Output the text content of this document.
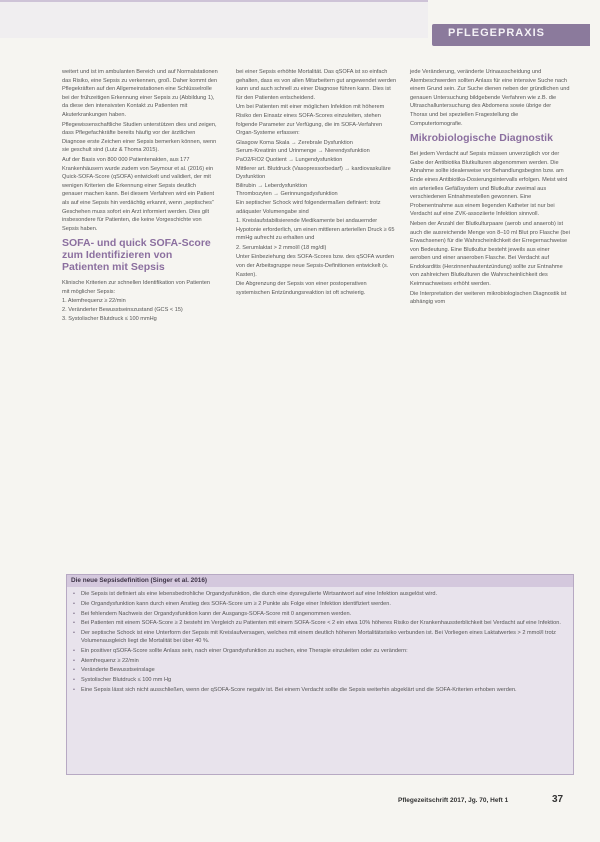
PFLEGEPRAXIS

weitert und ist im ambulanten Bereich und auf Normalstationen das Risiko, eine Sepsis zu verkennen, groß. Daher kommt den Pflegekräften auf den Allgemeinstationen eine Schlüsselrolle bei der frühzeitigen Erkennung einer Sepsis zu (Abbildung 1), da diese den intensivsten Kontakt zu Patienten mit Akuterkrankungen haben.

Pflegewissenschaftliche Studien unterstützen dies und zeigen, dass Pflegefachkräfte bereits häufig vor der ärztlichen Diagnose erste Zeichen einer Sepsis bemerken können, wenn sie geschult sind (Lutz & Thoma 2015).

Auf der Basis von 800 000 Patientenakten, aus 177 Krankenhäusern wurde zudem von Seymour et al. (2016) ein Quick-SOFA-Score (qSOFA) entwickelt und validiert, der mit wenigen Kriterien die Erkennung einer Sepsis deutlich genauer machen kann. Bei diesem Verfahren wird ein Patient als auf eine Sepsis hin verdächtig erkannt, wenn „septisches“ Geschehen muss sofort ein Arzt informiert werden. Dies gilt insbesondere für Patienten, die keine Vorgeschichte von Sepsis haben.

SOFA- und quick SOFA-Score zum Identifizieren von Patienten mit Sepsis

Klinische Kriterien zur schnellen Identifikation von Patienten mit möglicher Sepsis:

1. Atemfrequenz ≥ 22/min
2. Veränderter Bewusstseinszustand (GCS < 15)
3. Systolischer Blutdruck ≤ 100 mmHg

bei einer Sepsis erhöhte Mortalität. Das qSOFA ist so einfach gehalten, dass es von allen Mitarbeitern gut angewendet werden kann und auch schnell zu einer Diagnose führen kann. Dies ist für den Patienten entscheidend.

Um bei Patienten mit einer möglichen Infektion mit höherem Risiko den Einsatz eines SOFA-Scores einzuleiten, stehen folgende Parameter zur Verfügung, die im SOFA-Verfahren Organ-Systeme erfassen:

Glasgow Koma Skala → Zerebrale Dysfunktion
Serum-Kreatinin und Urinmenge → Nierendysfunktion
PaO2/FiO2 Quotient → Lungendysfunktion
Mittlerer art. Blutdruck (Vasopressorbedarf) → kardiovaskuläre Dysfunktion
Bilirubin → Leberdysfunktion
Thrombozyten → Gerinnungsdysfunktion

Ein septischer Schock wird folgendermaßen definiert: trotz adäquater Volumengabe sind

1. Kreislaufstabilisierende Medikamente bei andauernder Hypotonie erforderlich, um einen mittleren arteriellen Druck ≥ 65 mmHg aufrecht zu erhalten und

2. Serumlaktat > 2 mmol/l (18 mg/dl)

Unter Einbeziehung des SOFA-Scores bzw. des qSOFA wurden von der Arbeitsgruppe neue Sepsis-Definitionen entwickelt (s. Kasten).

Die Abgrenzung der Sepsis von einer postoperativen systemischen Entzündungsreaktion ist oft schwierig.

jede Veränderung, veränderte Urinausscheidung und Atembeschwerden sollten Anlass für eine intensive Suche nach einem Grund sein. Zur Suche dienen neben der gründlichen und genauen Untersuchung bildgebende Verfahren wie z.B. die Ultraschalluntersuchung des Abdomens sowie übrige der Thorax und bei speziellen Fragestellung die Computertomografie.

Mikrobiologische Diagnostik

Bei jedem Verdacht auf Sepsis müssen unverzüglich vor der Gabe der Antibiotika Blutkulturen abgenommen werden. Die Abnahme sollte idealerweise vor Behandlungsbeginn bzw. am Ende eines Antibiotika-Dosierungsintervalls erfolgen. Meist wird ein arterielles Gefäßsystem und Blutkultur zweimal aus verschiedenen Entnahmestellen gewonnen. Eine Probenentnahme aus einem liegenden Katheter ist nur bei Verdacht auf eine ZVK-assoziierte Infektion sinnvoll.

Neben der Anzahl der Blutkulturpaare (aerob und anaerob) ist auch die ausreichende Menge von 8–10 ml Blut pro Flasche (bei Erwachsenen) für die Wahrscheinlichkeit der Erregernachweise von Bedeutung. Eine Blutkultur besteht jeweils aus einer aeroben und einer anaeroben Flasche. Bei Verdacht auf Endokarditis (Herzinnenhautentzündung) sollte zur Entnahme von zahlreichen Blutkulturen die Wahrscheinlichkeit des Keimnachweises erhöht werden.

Die Interpretation der weiteren mikrobiologischen Diagnostik ist abhängig vom

Die neue Sepsisdefinition (Singer et al. 2016)
• Die Sepsis ist definiert als eine lebensbedrohliche Organdysfunktion, die durch eine dysregulierte Wirtsantwort auf eine Infektion ausgelöst wird.
• Die Organdysfunktion kann durch einen Anstieg des SOFA-Score um ≥ 2 Punkte als Folge einer Infektion identifiziert werden.
• Bei fehlendem Nachweis der Organdysfunktion kann der Ausgangs-SOFA-Score mit 0 angenommen werden.
• Bei Patienten mit einem SOFA-Score ≥ 2 besteht im Vergleich zu Patienten mit einem SOFA-Score < 2 ein etwa 10% höheres Risiko der Krankenhaussterblichkeit bei Verdacht auf eine Infektion.
• Der septische Schock ist eine Unterform der Sepsis mit Kreislaufversagen, welches mit einem deutlich höheren Mortalitätsrisiko verbunden ist. Bei Vorliegen eines Laktatwertes > 2 mmol/l trotz Volumenausgleich liegt die Mortalität bei über 40 %.
• Ein positiver qSOFA-Score sollte Anlass sein, nach einer Organdysfunktion zu suchen, eine Therapie einzuleiten oder zu verändern:
• Atemfrequenz ≥ 22/min
• Veränderte Bewusstseinslage
• Systolischer Blutdruck ≤ 100 mm Hg
• Eine Sepsis lässt sich nicht ausschließen, wenn der qSOFA-Score negativ ist. Bei einem Verdacht sollte die Sepsis weiterhin abgeklärt und die SOFA-Kriterien erhoben werden.
Pflegezeitschrift 2017, Jg. 70, Heft 1	37
